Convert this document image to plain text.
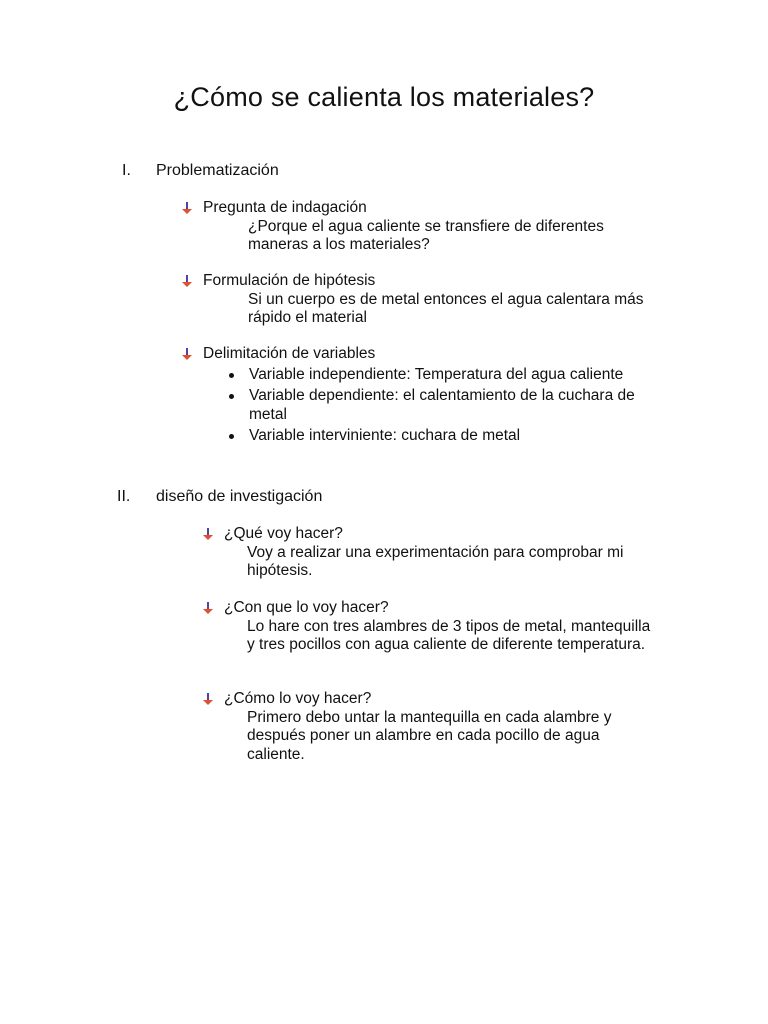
¿Cómo se calienta los materiales?
I. Problematización
Pregunta de indagación
¿Porque el agua caliente se transfiere de diferentes maneras a los materiales?
Formulación de hipótesis
Si un cuerpo es de metal entonces el agua calentara más rápido el material
Delimitación de variables
Variable independiente: Temperatura del agua caliente
Variable dependiente: el calentamiento de la cuchara de metal
Variable interviniente: cuchara de metal
II. diseño de investigación
¿Qué voy hacer?
Voy a realizar una experimentación para comprobar mi hipótesis.
¿Con que lo voy hacer?
Lo hare con tres alambres de 3 tipos de metal, mantequilla y tres pocillos con agua caliente de diferente temperatura.
¿Cómo lo voy hacer?
Primero debo untar la mantequilla en cada alambre y después poner un alambre en cada pocillo de agua caliente.
